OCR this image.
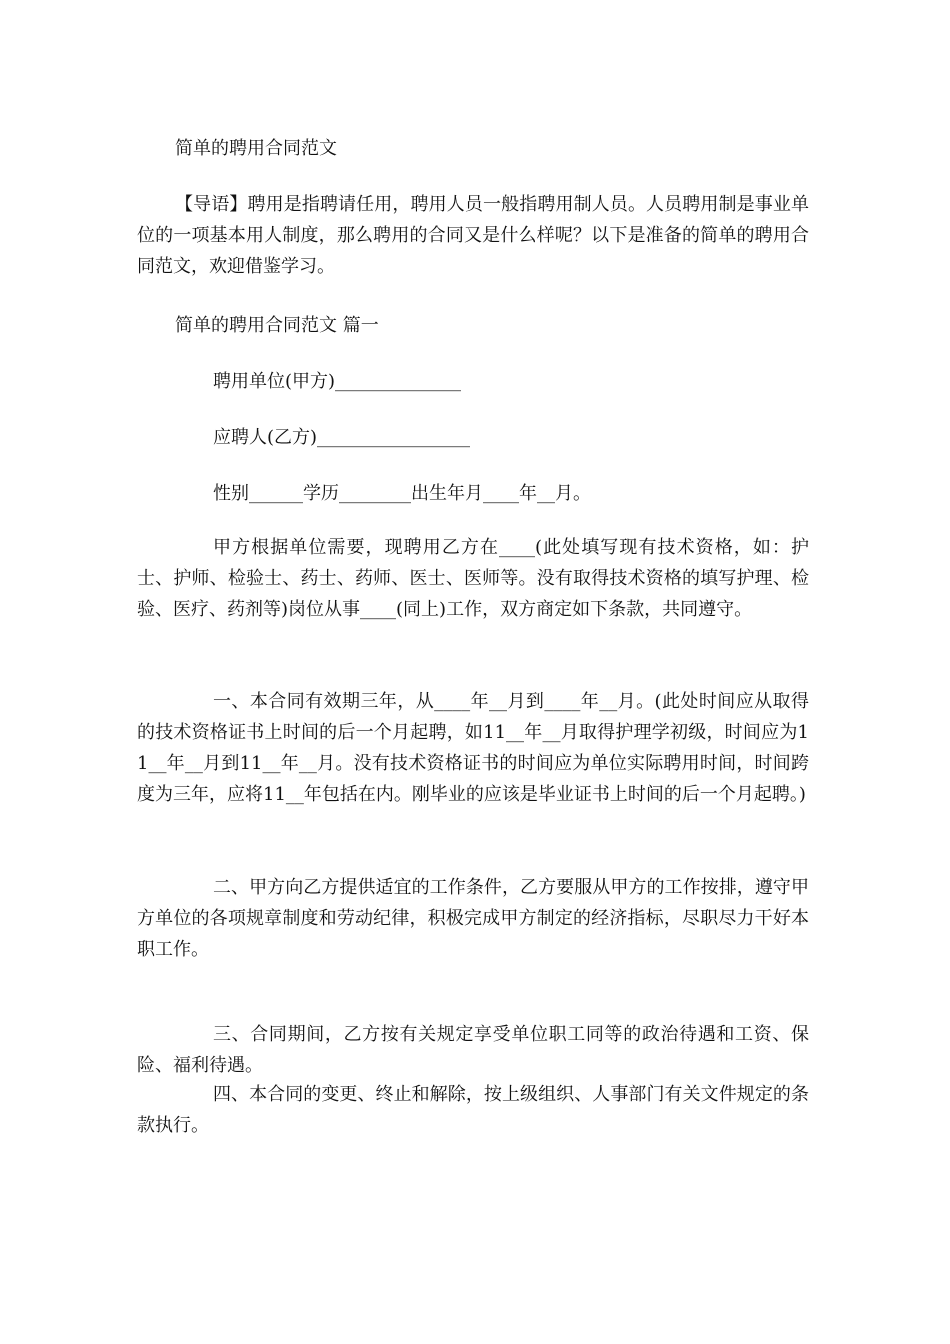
简单的聘用合同范文

【导语】聘用是指聘请任用，聘用人员一般指聘用制人员。人员聘用制是事业单位的一项基本用人制度，那么聘用的合同又是什么样呢？以下是准备的简单的聘用合同范文，欢迎借鉴学习。

简单的聘用合同范文 篇一

聘用单位(甲方)______________

应聘人(乙方)_________________

性别______学历________出生年月____年__月。

甲方根据单位需要，现聘用乙方在____(此处填写现有技术资格，如：护士、护师、检验士、药士、药师、医士、医师等。没有取得技术资格的填写护理、检验、医疗、药剂等)岗位从事____(同上)工作，双方商定如下条款，共同遵守。

一、本合同有效期三年，从____年__月到____年__月。(此处时间应从取得的技术资格证书上时间的后一个月起聘，如11__年__月取得护理学初级，时间应为11__年__月到11__年__月。没有技术资格证书的时间应为单位实际聘用时间，时间跨度为三年，应将11__年包括在内。刚毕业的应该是毕业证书上时间的后一个月起聘。)

二、甲方向乙方提供适宜的工作条件，乙方要服从甲方的工作按排，遵守甲方单位的各项规章制度和劳动纪律，积极完成甲方制定的经济指标，尽职尽力干好本职工作。

三、合同期间，乙方按有关规定享受单位职工同等的政治待遇和工资、保险、福利待遇。

四、本合同的变更、终止和解除，按上级组织、人事部门有关文件规定的条款执行。
